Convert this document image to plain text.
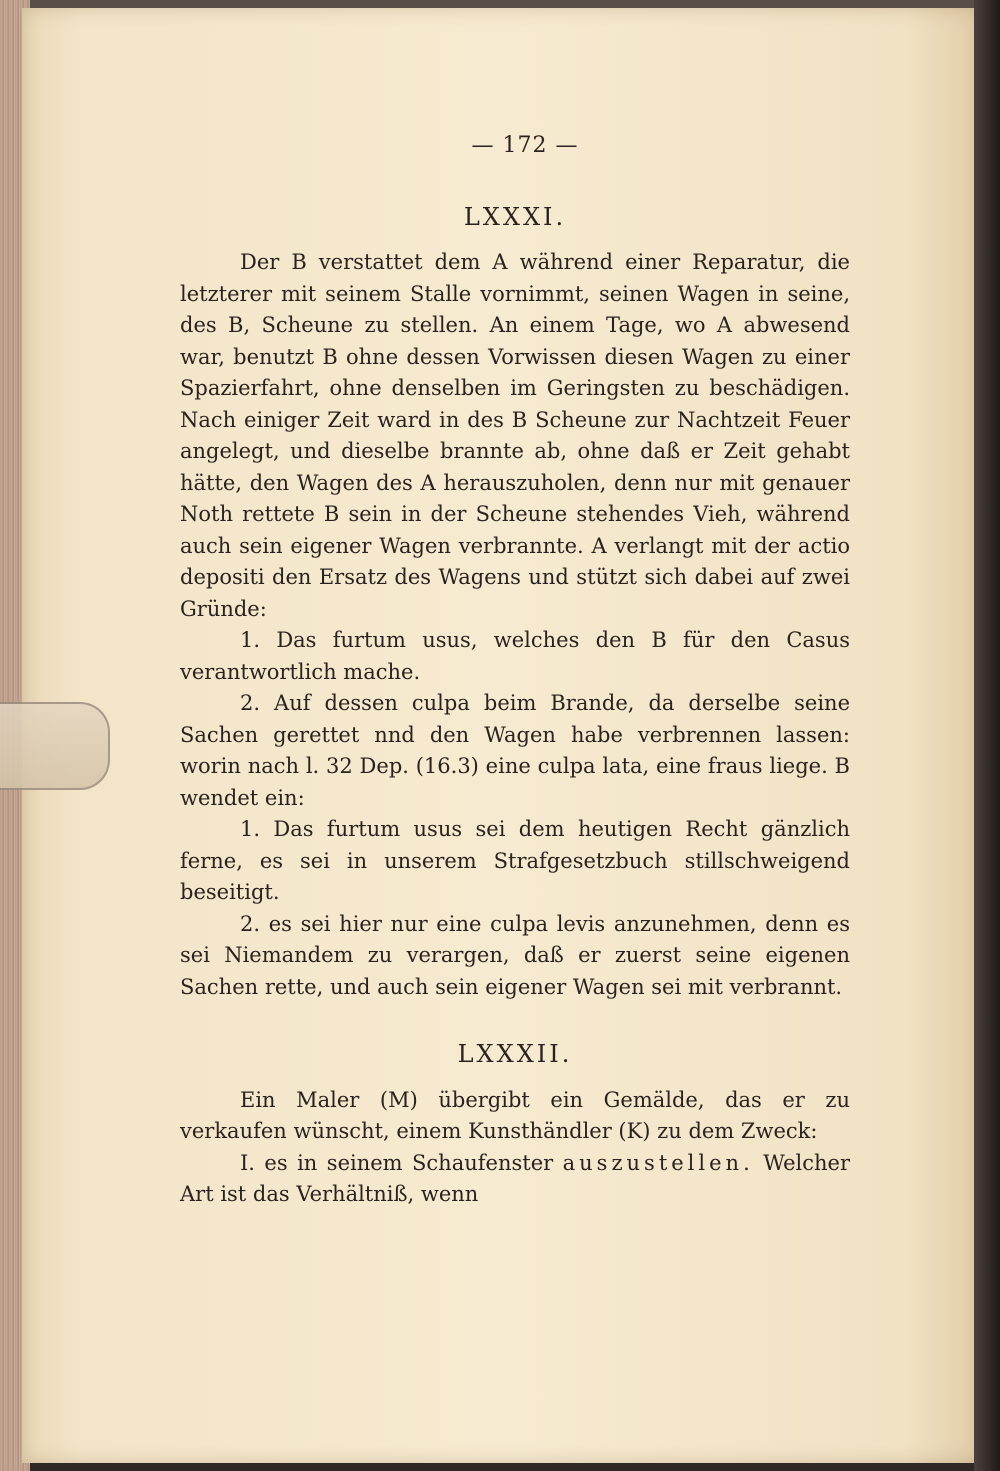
— 172 —
LXXXI.

Der B verstattet dem A während einer Reparatur, die letzterer mit seinem Stalle vornimmt, seinen Wagen in seine, des B, Scheune zu stellen. An einem Tage, wo A abwesend war, benutzt B ohne dessen Vorwissen diesen Wagen zu einer Spazierfahrt, ohne denselben im Geringsten zu beschädigen. Nach einiger Zeit ward in des B Scheune zur Nachtzeit Feuer angelegt, und dieselbe brannte ab, ohne daß er Zeit gehabt hätte, den Wagen des A herauszuholen, denn nur mit genauer Noth rettete B sein in der Scheune stehendes Vieh, während auch sein eigener Wagen verbrannte. A verlangt mit der actio depositi den Ersatz des Wagens und stützt sich dabei auf zwei Gründe:

1. Das furtum usus, welches den B für den Casus verantwortlich mache.

2. Auf dessen culpa beim Brande, da derselbe seine Sachen gerettet nnd den Wagen habe verbrennen lassen: worin nach l. 32 Dep. (16.3) eine culpa lata, eine fraus liege. B wendet ein:

1. Das furtum usus sei dem heutigen Recht gänzlich ferne, es sei in unserem Strafgesetzbuch stillschweigend beseitigt.

2. es sei hier nur eine culpa levis anzunehmen, denn es sei Niemandem zu verargen, daß er zuerst seine eigenen Sachen rette, und auch sein eigener Wagen sei mit verbrannt.

LXXXII.

Ein Maler (M) übergibt ein Gemälde, das er zu verkaufen wünscht, einem Kunsthändler (K) zu dem Zweck:

I. es in seinem Schaufenster auszustellen. Welcher Art ist das Verhältniß, wenn
